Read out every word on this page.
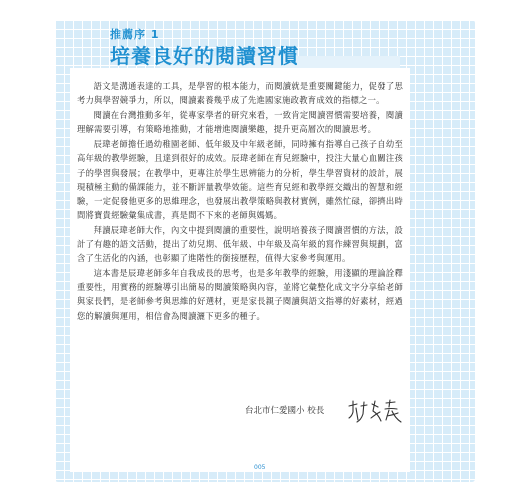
推薦序 1
培養良好的閱讀習慣

語文是溝通表達的工具，是學習的根本能力，而閱讀就是重要關鍵能力，促發了思考力與學習競爭力，所以，閱讀素養幾乎成了先進國家施政教育成效的指標之一。

閱讀在台灣推動多年，從專家學者的研究來看，一致肯定閱讀習慣需要培養，閱讀理解需要引導，有策略地推動，才能增進閱讀樂趣，提升更高層次的閱讀思考。

辰瑋老師擔任過幼稚園老師、低年級及中年級老師，同時擁有指導自己孩子自幼至高年級的教學經驗，且達到很好的成效。辰瑋老師在育兒經驗中，投注大量心血關注孩子的學習與發展；在教學中，更專注於學生思辨能力的分析，學生學習資材的設計，展現積極主動的備課能力，並不斷評量教學效能。這些育兒經和教學經交織出的智慧和經驗，一定促發他更多的思維理念，也發展出教學策略與教材實例，雖然忙碌，卻擠出時間將寶貴經驗彙集成書，真是間不下來的老師與媽媽。

拜讀辰瑋老師大作，內文中提到閱讀的重要性，說明培養孩子閱讀習慣的方法，設計了有趣的語文活動，提出了幼兒期、低年級、中年級及高年級的寫作練習與規劃，富含了生活化的內涵，也彰顯了進階性的銜接歷程，值得大家參考與運用。

這本書是辰瑋老師多年自我成長的思考，也是多年教學的經驗，用淺顯的理論詮釋重要性，用實務的經驗導引出簡易的閱讀策略與內容，並將它彙整化成文字分享給老師與家長們，是老師參考與思維的好選材，更是家長親子閱讀與語文指導的好素材，經過您的解讀與運用，相信會為閱讀灑下更多的種子。

台北市仁愛國小 校長
005
